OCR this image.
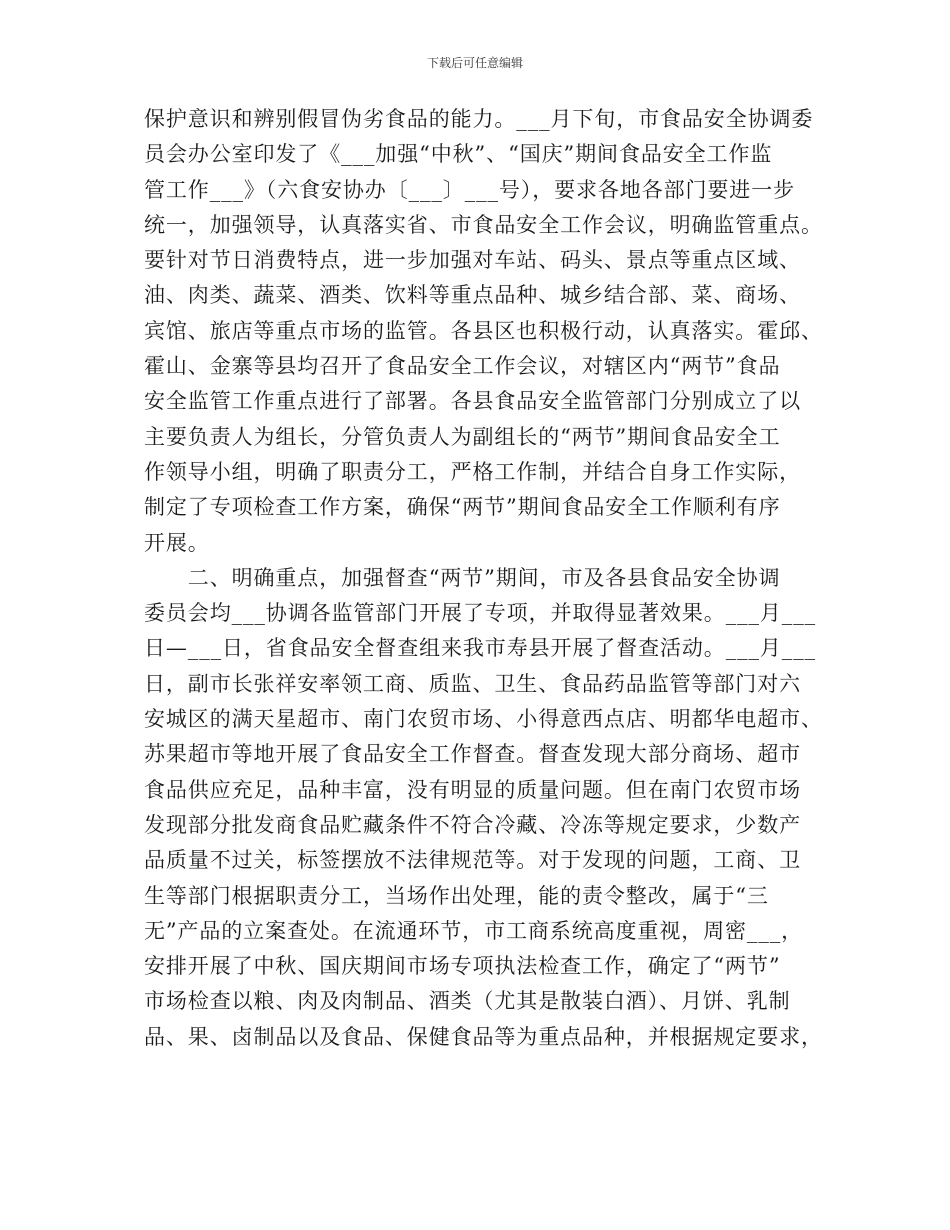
下载后可任意编辑
保护意识和辨别假冒伪劣食品的能力。___月下旬，市食品安全协调委
员会办公室印发了《___加强“中秋”、“国庆”期间食品安全工作监
管工作___》（六食安协办〔___〕___号），要求各地各部门要进一步
统一，加强领导，认真落实省、市食品安全工作会议，明确监管重点。
要针对节日消费特点，进一步加强对车站、码头、景点等重点区域、
油、肉类、蔬菜、酒类、饮料等重点品种、城乡结合部、菜、商场、
宾馆、旅店等重点市场的监管。各县区也积极行动，认真落实。霍邱、
霍山、金寨等县均召开了食品安全工作会议，对辖区内“两节”食品
安全监管工作重点进行了部署。各县食品安全监管部门分别成立了以
主要负责人为组长，分管负责人为副组长的“两节”期间食品安全工
作领导小组，明确了职责分工，严格工作制，并结合自身工作实际，
制定了专项检查工作方案，确保“两节”期间食品安全工作顺利有序
开展。
　　二、明确重点，加强督查“两节”期间，市及各县食品安全协调
委员会均___协调各监管部门开展了专项，并取得显著效果。___月___
日—___日，省食品安全督查组来我市寿县开展了督查活动。___月___
日，副市长张祥安率领工商、质监、卫生、食品药品监管等部门对六
安城区的满天星超市、南门农贸市场、小得意西点店、明都华电超市、
苏果超市等地开展了食品安全工作督查。督查发现大部分商场、超市
食品供应充足，品种丰富，没有明显的质量问题。但在南门农贸市场
发现部分批发商食品贮藏条件不符合冷藏、冷冻等规定要求，少数产
品质量不过关，标签摆放不法律规范等。对于发现的问题，工商、卫
生等部门根据职责分工，当场作出处理，能的责令整改，属于“三
无”产品的立案查处。在流通环节，市工商系统高度重视，周密___，
安排开展了中秋、国庆期间市场专项执法检查工作，确定了“两节”
市场检查以粮、肉及肉制品、酒类（尤其是散装白酒）、月饼、乳制
品、果、卤制品以及食品、保健食品等为重点品种，并根据规定要求，
